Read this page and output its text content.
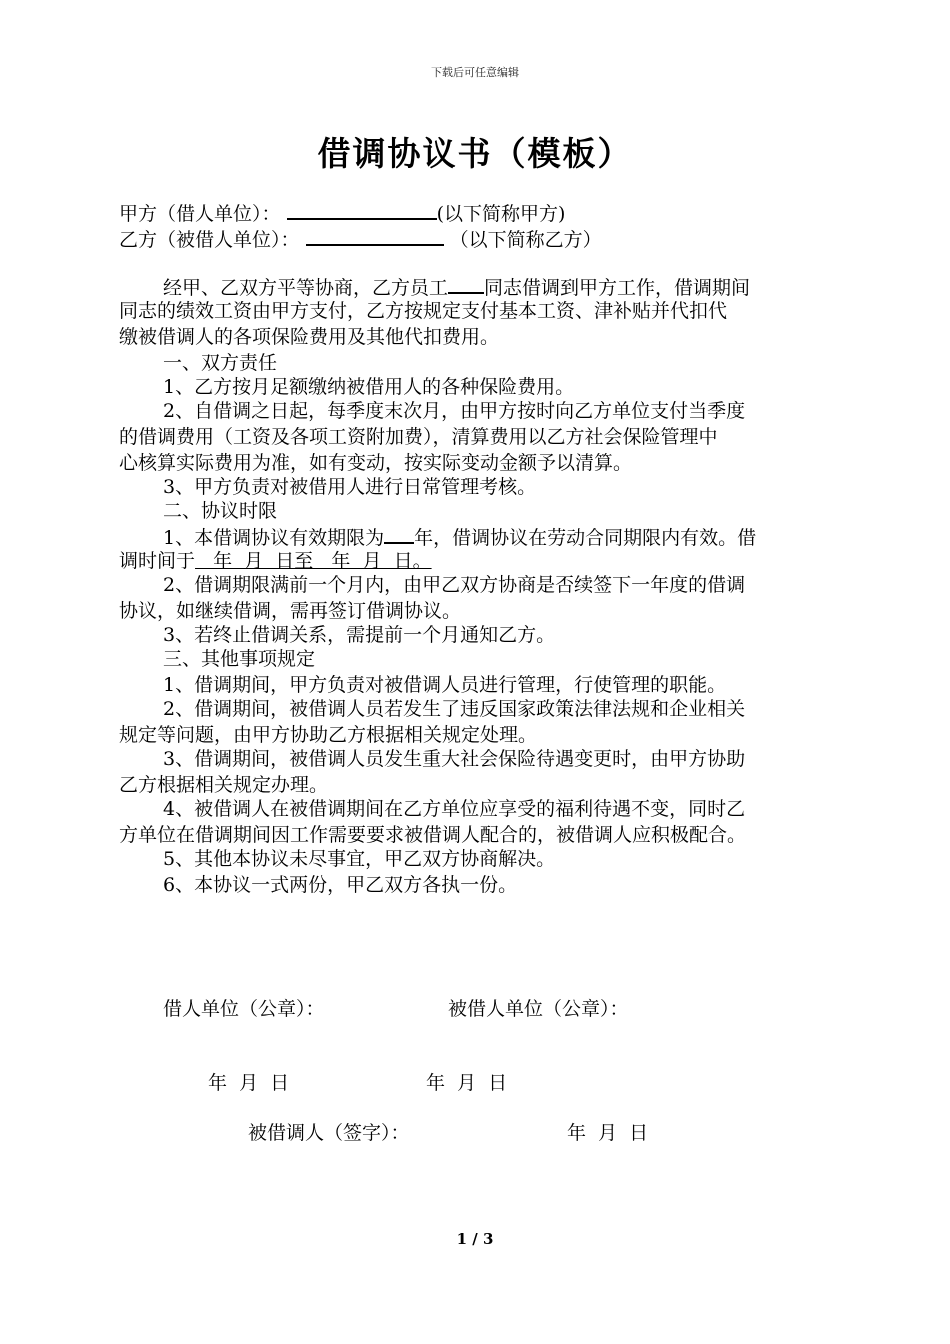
下载后可任意编辑
借调协议书（模板）
甲方（借人单位）：	(以下简称甲方)
乙方（被借人单位）：	（以下简称乙方）
经甲、乙双方平等协商，乙方员工 同志借调到甲方工作，借调期间
同志的绩效工资由甲方支付，乙方按规定支付基本工资、津补贴并代扣代
缴被借调人的各项保险费用及其他代扣费用。
一、双方责任
1、乙方按月足额缴纳被借用人的各种保险费用。
2、自借调之日起，每季度末次月，由甲方按时向乙方单位支付当季度
的借调费用（工资及各项工资附加费），清算费用以乙方社会保险管理中
心核算实际费用为准，如有变动，按实际变动金额予以清算。
3、甲方负责对被借用人进行日常管理考核。
二、协议时限
1、本借调协议有效期限为 年，借调协议在劳动合同期限内有效。借
调时间于   年  月  日至   年  月  日。
2、借调期限满前一个月内，由甲乙双方协商是否续签下一年度的借调
协议，如继续借调，需再签订借调协议。
3、若终止借调关系，需提前一个月通知乙方。
三、其他事项规定
1、借调期间，甲方负责对被借调人员进行管理，行使管理的职能。
2、借调期间，被借调人员若发生了违反国家政策法律法规和企业相关
规定等问题，由甲方协助乙方根据相关规定处理。
3、借调期间，被借调人员发生重大社会保险待遇变更时，由甲方协助
乙方根据相关规定办理。
4、被借调人在被借调期间在乙方单位应享受的福利待遇不变，同时乙
方单位在借调期间因工作需要要求被借调人配合的，被借调人应积极配合。
5、其他本协议未尽事宜，甲乙双方协商解决。
6、本协议一式两份，甲乙双方各执一份。
借人单位（公章）：	被借人单位（公章）：
年  月  日	年  月  日
被借调人（签字）：	年  月  日
1 / 3
